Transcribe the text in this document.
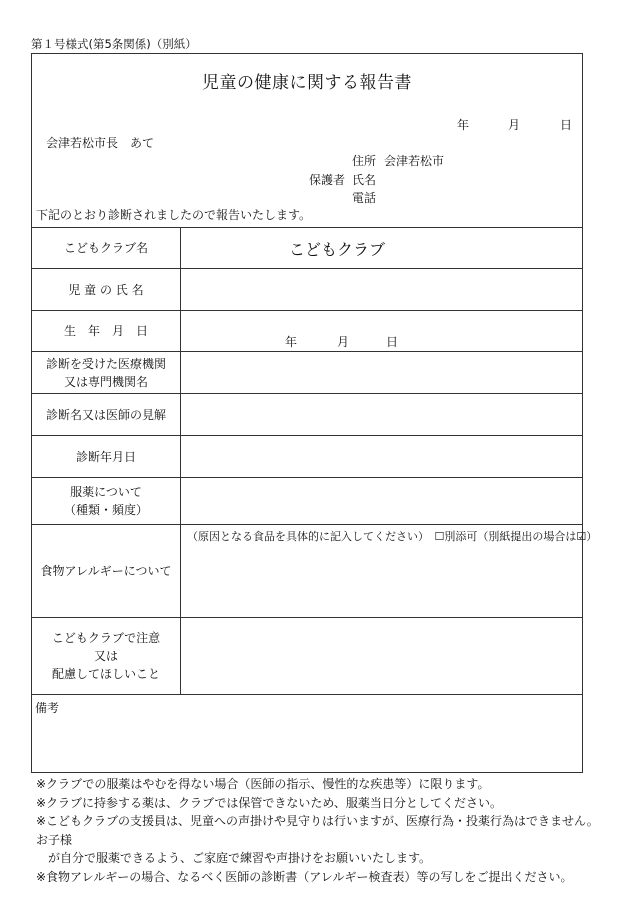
第１号様式(第5条関係)（別紙）
児童の健康に関する報告書
年	月	日
会津若松市長　あて
住所 会津若松市
保護者 氏名
電話
下記のとおり診断されましたので報告いたします。
こどもクラブ名	こどもクラブ

児 童 の 氏 名	
生　年　月　日	年 月 日

診断を受けた医療機関
又は専門機関名	

診断名又は医師の見解	
診断年月日	

服薬について
（種類・頻度）	

食物アレルギーについて	（原因となる食品を具体的に記入してください）　☐別添可（別紙提出の場合は☑）

こどもクラブで注意
又は
配慮してほしいこと	

備考

※クラブでの服薬はやむを得ない場合（医師の指示、慢性的な疾患等）に限ります。

※クラブに持参する薬は、クラブでは保管できないため、服薬当日分としてください。

※こどもクラブの支援員は、児童への声掛けや見守りは行いますが、医療行為・投薬行為はできません。お子様

が自分で服薬できるよう、ご家庭で練習や声掛けをお願いいたします。

※食物アレルギーの場合、なるべく医師の診断書（アレルギー検査表）等の写しをご提出ください。
